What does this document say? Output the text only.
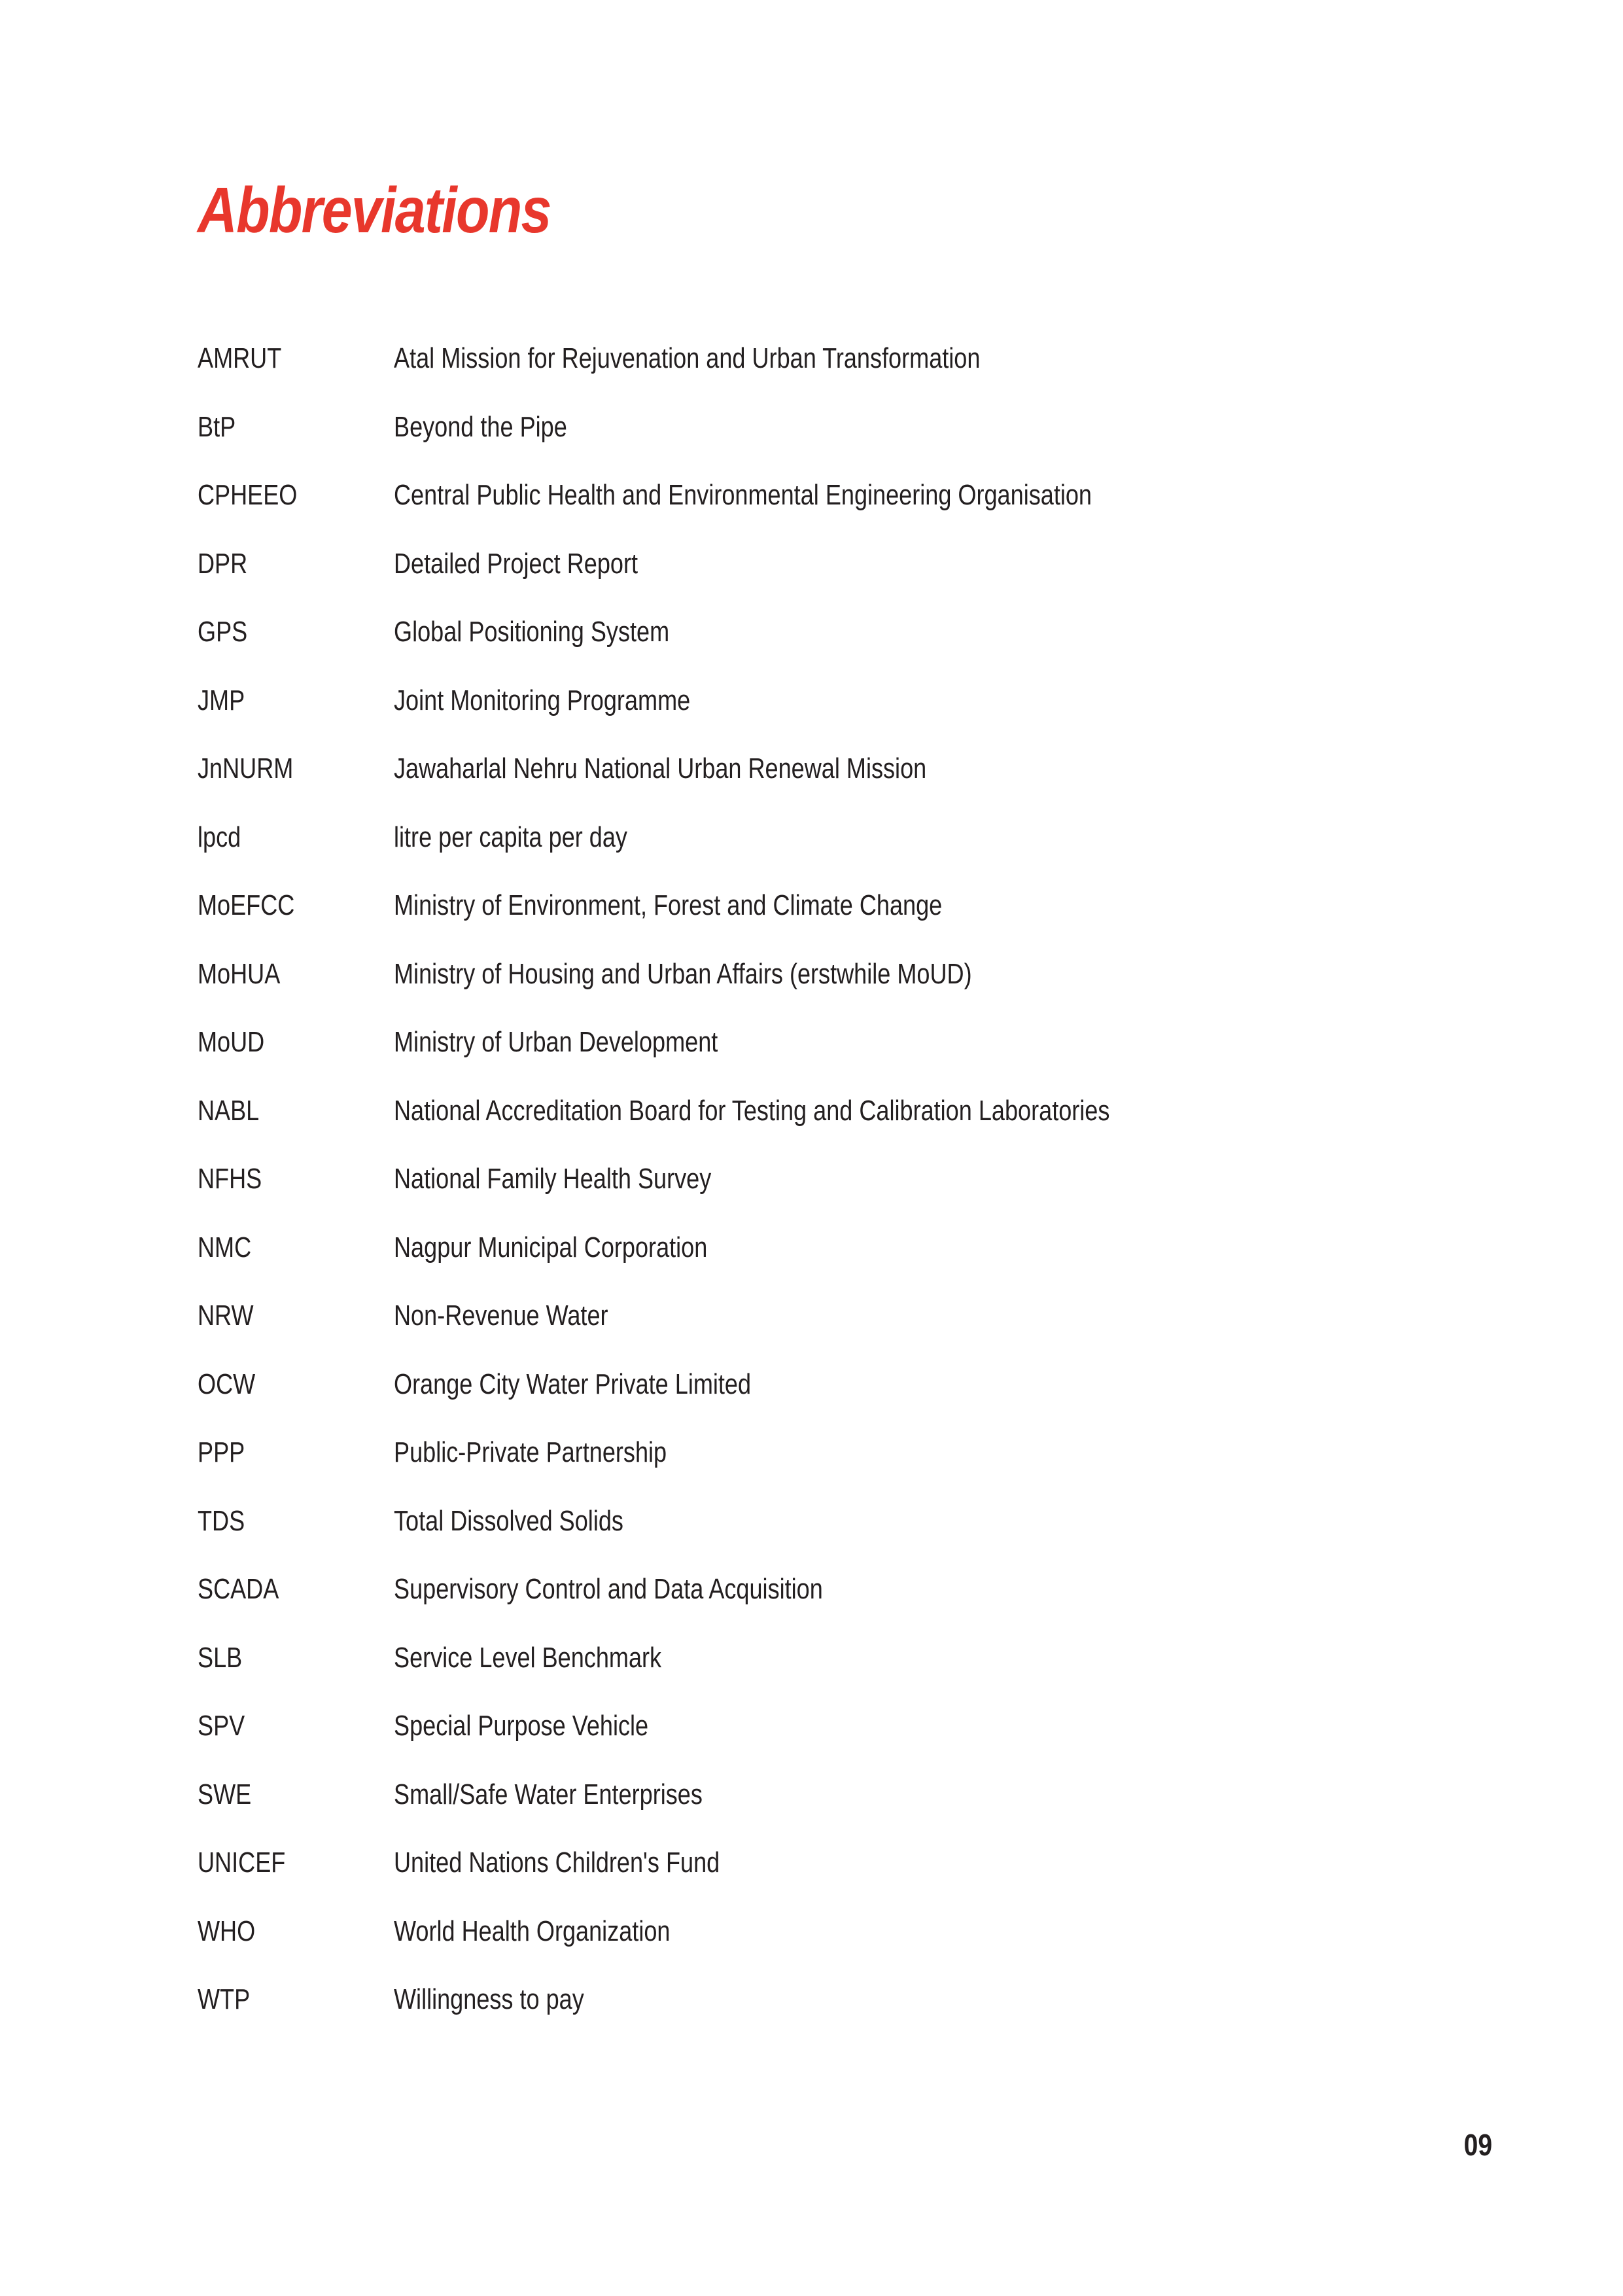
Abbreviations
AMRUT	Atal Mission for Rejuvenation and Urban Transformation
BtP	Beyond the Pipe
CPHEEO	Central Public Health and Environmental Engineering Organisation
DPR	Detailed Project Report
GPS	Global Positioning System
JMP	Joint Monitoring Programme
JnNURM	Jawaharlal Nehru National Urban Renewal Mission
lpcd	litre per capita per day
MoEFCC	Ministry of Environment, Forest and Climate Change
MoHUA	Ministry of Housing and Urban Affairs (erstwhile MoUD)
MoUD	Ministry of Urban Development
NABL	National Accreditation Board for Testing and Calibration Laboratories
NFHS	National Family Health Survey
NMC	Nagpur Municipal Corporation
NRW	Non-Revenue Water
OCW	Orange City Water Private Limited
PPP	Public-Private Partnership
TDS	Total Dissolved Solids
SCADA	Supervisory Control and Data Acquisition
SLB	Service Level Benchmark
SPV	Special Purpose Vehicle
SWE	Small/Safe Water Enterprises
UNICEF	United Nations Children's Fund
WHO	World Health Organization
WTP	Willingness to pay
09
